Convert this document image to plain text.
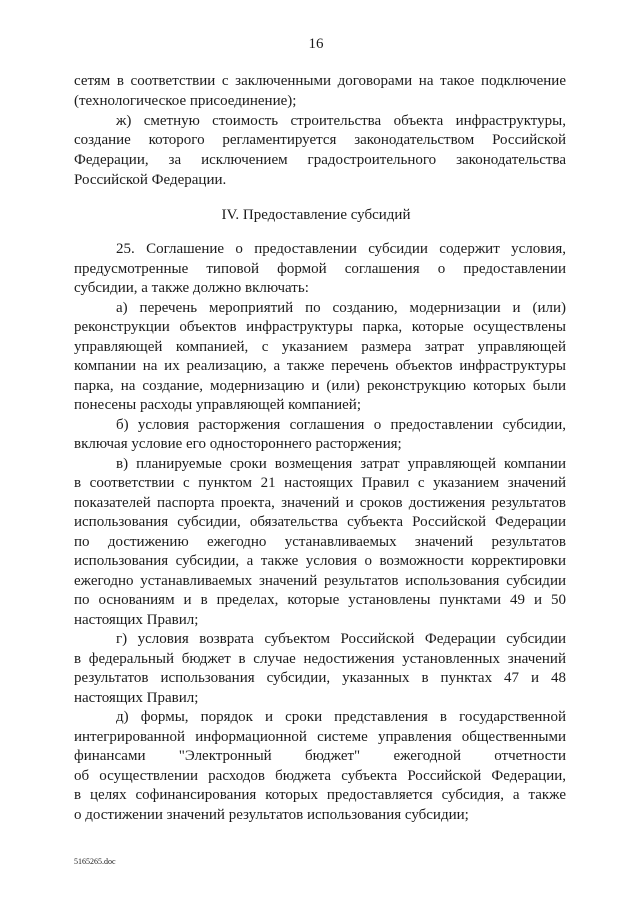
16
сетям в соответствии с заключенными договорами на такое подключение
(технологическое присоединение);
ж) сметную стоимость строительства объекта инфраструктуры,
создание которого регламентируется законодательством Российской
Федерации, за исключением градостроительного законодательства
Российской Федерации.
IV. Предоставление субсидий
25. Соглашение о предоставлении субсидии содержит условия,
предусмотренные типовой формой соглашения о предоставлении
субсидии, а также должно включать:
а) перечень мероприятий по созданию, модернизации и (или)
реконструкции объектов инфраструктуры парка, которые осуществлены
управляющей компанией, с указанием размера затрат управляющей
компании на их реализацию, а также перечень объектов инфраструктуры
парка, на создание, модернизацию и (или) реконструкцию которых были
понесены расходы управляющей компанией;
б) условия расторжения соглашения о предоставлении субсидии,
включая условие его одностороннего расторжения;
в) планируемые сроки возмещения затрат управляющей компании
в соответствии с пунктом 21 настоящих Правил с указанием значений
показателей паспорта проекта, значений и сроков достижения результатов
использования субсидии, обязательства субъекта Российской Федерации
по достижению ежегодно устанавливаемых значений результатов
использования субсидии, а также условия о возможности корректировки
ежегодно устанавливаемых значений результатов использования субсидии
по основаниям и в пределах, которые установлены пунктами 49 и 50
настоящих Правил;
г) условия возврата субъектом Российской Федерации субсидии
в федеральный бюджет в случае недостижения установленных значений
результатов использования субсидии, указанных в пунктах 47 и 48
настоящих Правил;
д) формы, порядок и сроки представления в государственной
интегрированной информационной системе управления общественными
финансами "Электронный бюджет" ежегодной отчетности
об осуществлении расходов бюджета субъекта Российской Федерации,
в целях софинансирования которых предоставляется субсидия, а также
о достижении значений результатов использования субсидии;
5165265.doc
